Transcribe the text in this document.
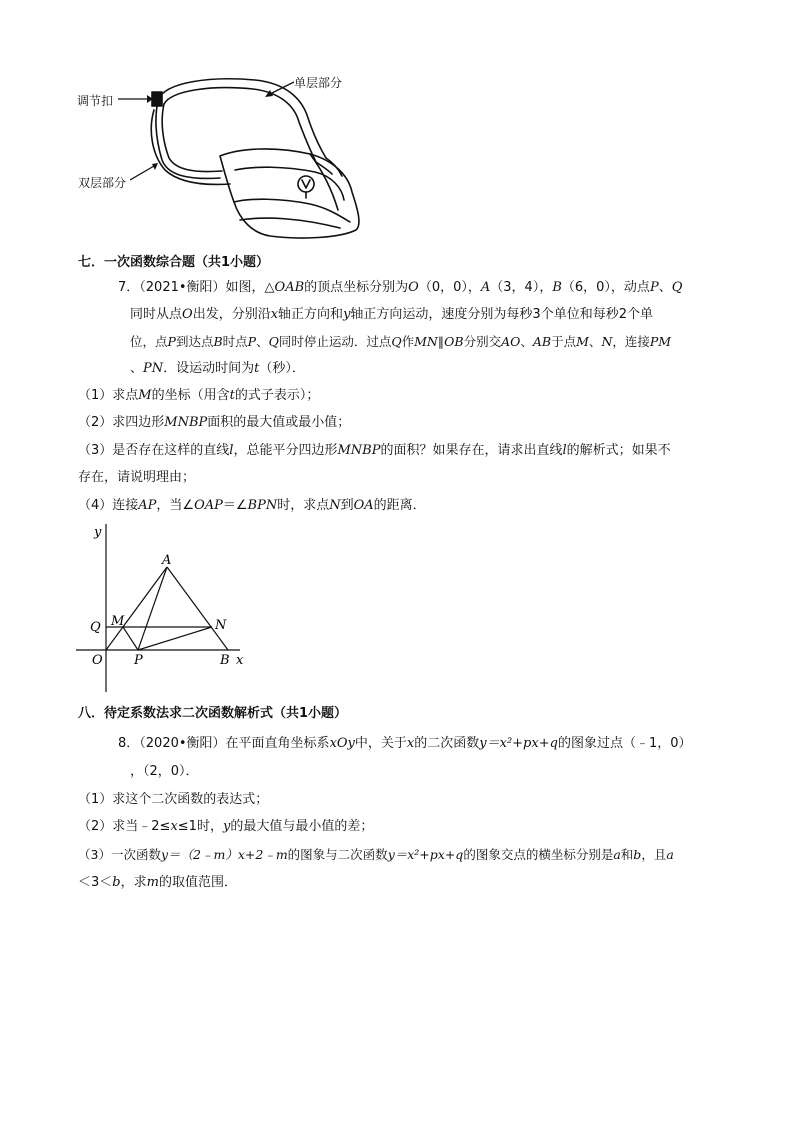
调节扣
单层部分
双层部分
七．一次函数综合题（共1小题）
7．（2021•衡阳）如图，△OAB的顶点坐标分别为O（0，0），A（3，4），B（6，0），动点P、Q
同时从点O出发，分别沿x轴正方向和y轴正方向运动，速度分别为每秒3个单位和每秒2个单
位，点P到达点B时点P、Q同时停止运动．过点Q作MN∥OB分别交AO、AB于点M、N，连接PM
、PN．设运动时间为t（秒）．
（1）求点M的坐标（用含t的式子表示）；
（2）求四边形MNBP面积的最大值或最小值；
（3）是否存在这样的直线l，总能平分四边形MNBP的面积？如果存在，请求出直线l的解析式；如果不
存在，请说明理由；
（4）连接AP，当∠OAP＝∠BPN时，求点N到OA的距离．
y
x
O
A
B
P
Q M	N
八．待定系数法求二次函数解析式（共1小题）
8．（2020•衡阳）在平面直角坐标系xOy中，关于x的二次函数y＝x²+px+q的图象过点（﹣1，0）
，（2，0）．
（1）求这个二次函数的表达式；
（2）求当﹣2≤x≤1时，y的最大值与最小值的差；
（3）一次函数y＝（2﹣m）x+2﹣m的图象与二次函数y＝x²+px+q的图象交点的横坐标分别是a和b，且a
＜3＜b，求m的取值范围．
